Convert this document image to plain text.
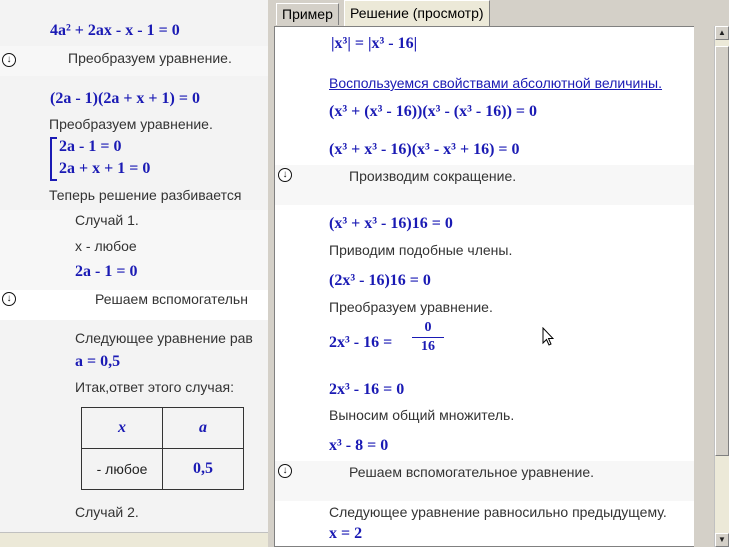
4a² + 2ax - x - 1 = 0
↓	Преобразуем уравнение.
(2a - 1)(2a + x + 1) = 0
Преобразуем уравнение.
2a - 1 = 0
2a + x + 1 = 0
Теперь решение разбивается
Случай 1.
x - любое
2a - 1 = 0
↓	Решаем вспомогательн
Следующее уравнение рав
a = 0,5
Итак,ответ этого случая:
x	a
- любое	0,5
Случай 2.
Пример	Решение (просмотр)
|x³| = |x³ - 16|
Воспользуемся свойствами абсолютной величины.
(x³ + (x³ - 16))(x³ - (x³ - 16)) = 0
(x³ + x³ - 16)(x³ - x³ + 16) = 0
↓	Производим сокращение.
(x³ + x³ - 16)16 = 0
Приводим подобные члены.
(2x³ - 16)16 = 0
Преобразуем уравнение.
2x³ - 16 =
0
16
2x³ - 16 = 0
Выносим общий множитель.
x³ - 8 = 0
↓	Решаем вспомогательное уравнение.
Следующее уравнение равносильно предыдущему.
x = 2
▲
▼
